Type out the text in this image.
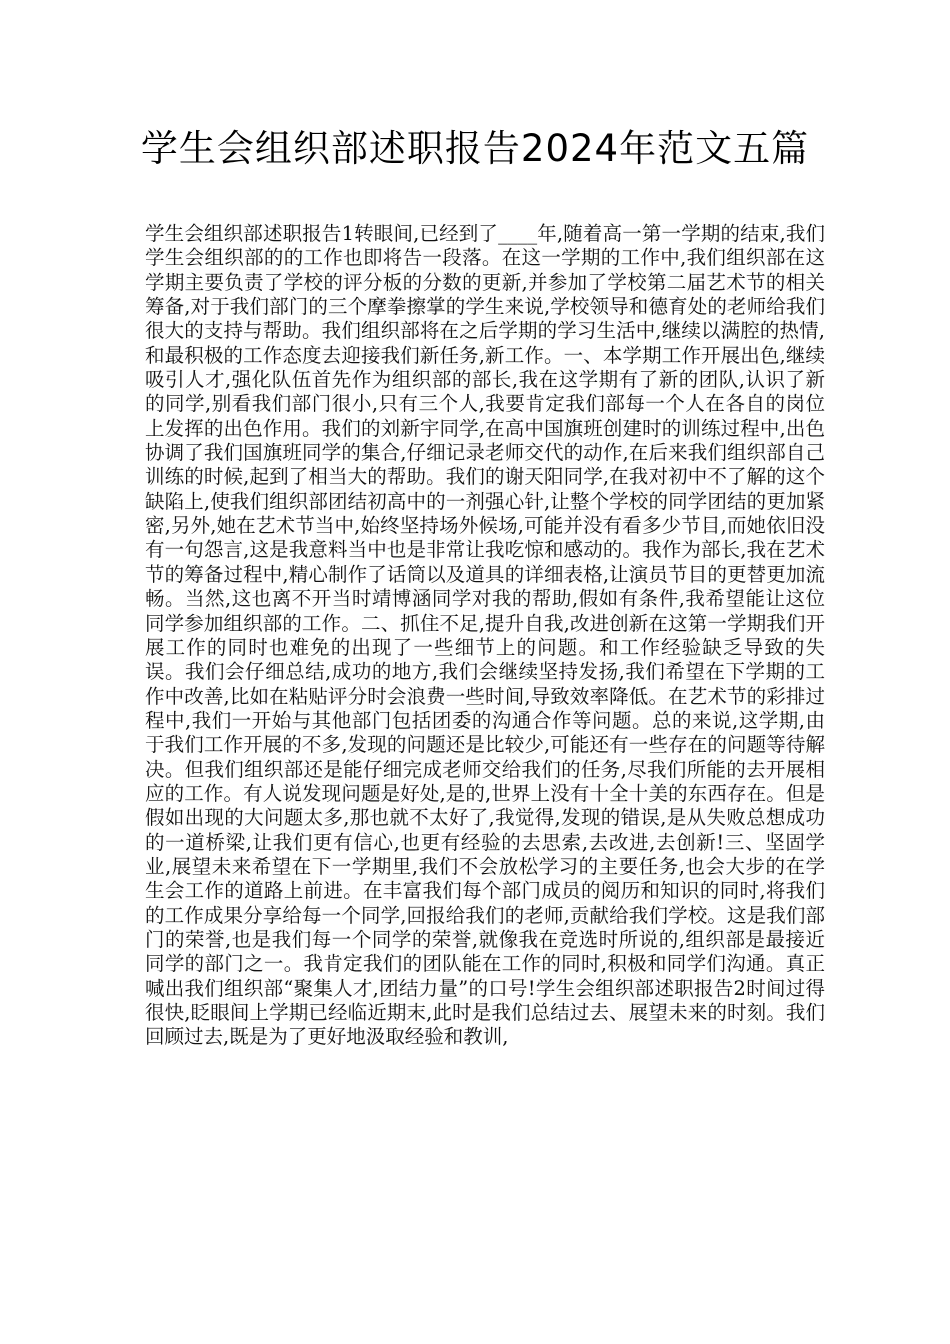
学生会组织部述职报告2024年范文五篇

学生会组织部述职报告1转眼间,已经到了____年,随着高一第一学期的结束,我们学生会组织部的的工作也即将告一段落。在这一学期的工作中,我们组织部在这学期主要负责了学校的评分板的分数的更新,并参加了学校第二届艺术节的相关筹备,对于我们部门的三个摩拳擦掌的学生来说,学校领导和德育处的老师给我们很大的支持与帮助。我们组织部将在之后学期的学习生活中,继续以满腔的热情,和最积极的工作态度去迎接我们新任务,新工作。一、本学期工作开展出色,继续吸引人才,强化队伍首先作为组织部的部长,我在这学期有了新的团队,认识了新的同学,别看我们部门很小,只有三个人,我要肯定我们部每一个人在各自的岗位上发挥的出色作用。我们的刘新宇同学,在高中国旗班创建时的训练过程中,出色协调了我们国旗班同学的集合,仔细记录老师交代的动作,在后来我们组织部自己训练的时候,起到了相当大的帮助。我们的谢天阳同学,在我对初中不了解的这个缺陷上,使我们组织部团结初高中的一剂强心针,让整个学校的同学团结的更加紧密,另外,她在艺术节当中,始终坚持场外候场,可能并没有看多少节目,而她依旧没有一句怨言,这是我意料当中也是非常让我吃惊和感动的。我作为部长,我在艺术节的筹备过程中,精心制作了话筒以及道具的详细表格,让演员节目的更替更加流畅。当然,这也离不开当时靖博涵同学对我的帮助,假如有条件,我希望能让这位同学参加组织部的工作。二、抓住不足,提升自我,改进创新在这第一学期我们开展工作的同时也难免的出现了一些细节上的问题。和工作经验缺乏导致的失误。我们会仔细总结,成功的地方,我们会继续坚持发扬,我们希望在下学期的工作中改善,比如在粘贴评分时会浪费一些时间,导致效率降低。在艺术节的彩排过程中,我们一开始与其他部门包括团委的沟通合作等问题。总的来说,这学期,由于我们工作开展的不多,发现的问题还是比较少,可能还有一些存在的问题等待解决。但我们组织部还是能仔细完成老师交给我们的任务,尽我们所能的去开展相应的工作。有人说发现问题是好处,是的,世界上没有十全十美的东西存在。但是假如出现的大问题太多,那也就不太好了,我觉得,发现的错误,是从失败总想成功的一道桥梁,让我们更有信心,也更有经验的去思索,去改进,去创新!三、坚固学业,展望未来希望在下一学期里,我们不会放松学习的主要任务,也会大步的在学生会工作的道路上前进。在丰富我们每个部门成员的阅历和知识的同时,将我们的工作成果分享给每一个同学,回报给我们的老师,贡献给我们学校。这是我们部门的荣誉,也是我们每一个同学的荣誉,就像我在竞选时所说的,组织部是最接近同学的部门之一。我肯定我们的团队能在工作的同时,积极和同学们沟通。真正喊出我们组织部“聚集人才,团结力量”的口号!学生会组织部述职报告2时间过得很快,眨眼间上学期已经临近期末,此时是我们总结过去、展望未来的时刻。我们回顾过去,既是为了更好地汲取经验和教训,
